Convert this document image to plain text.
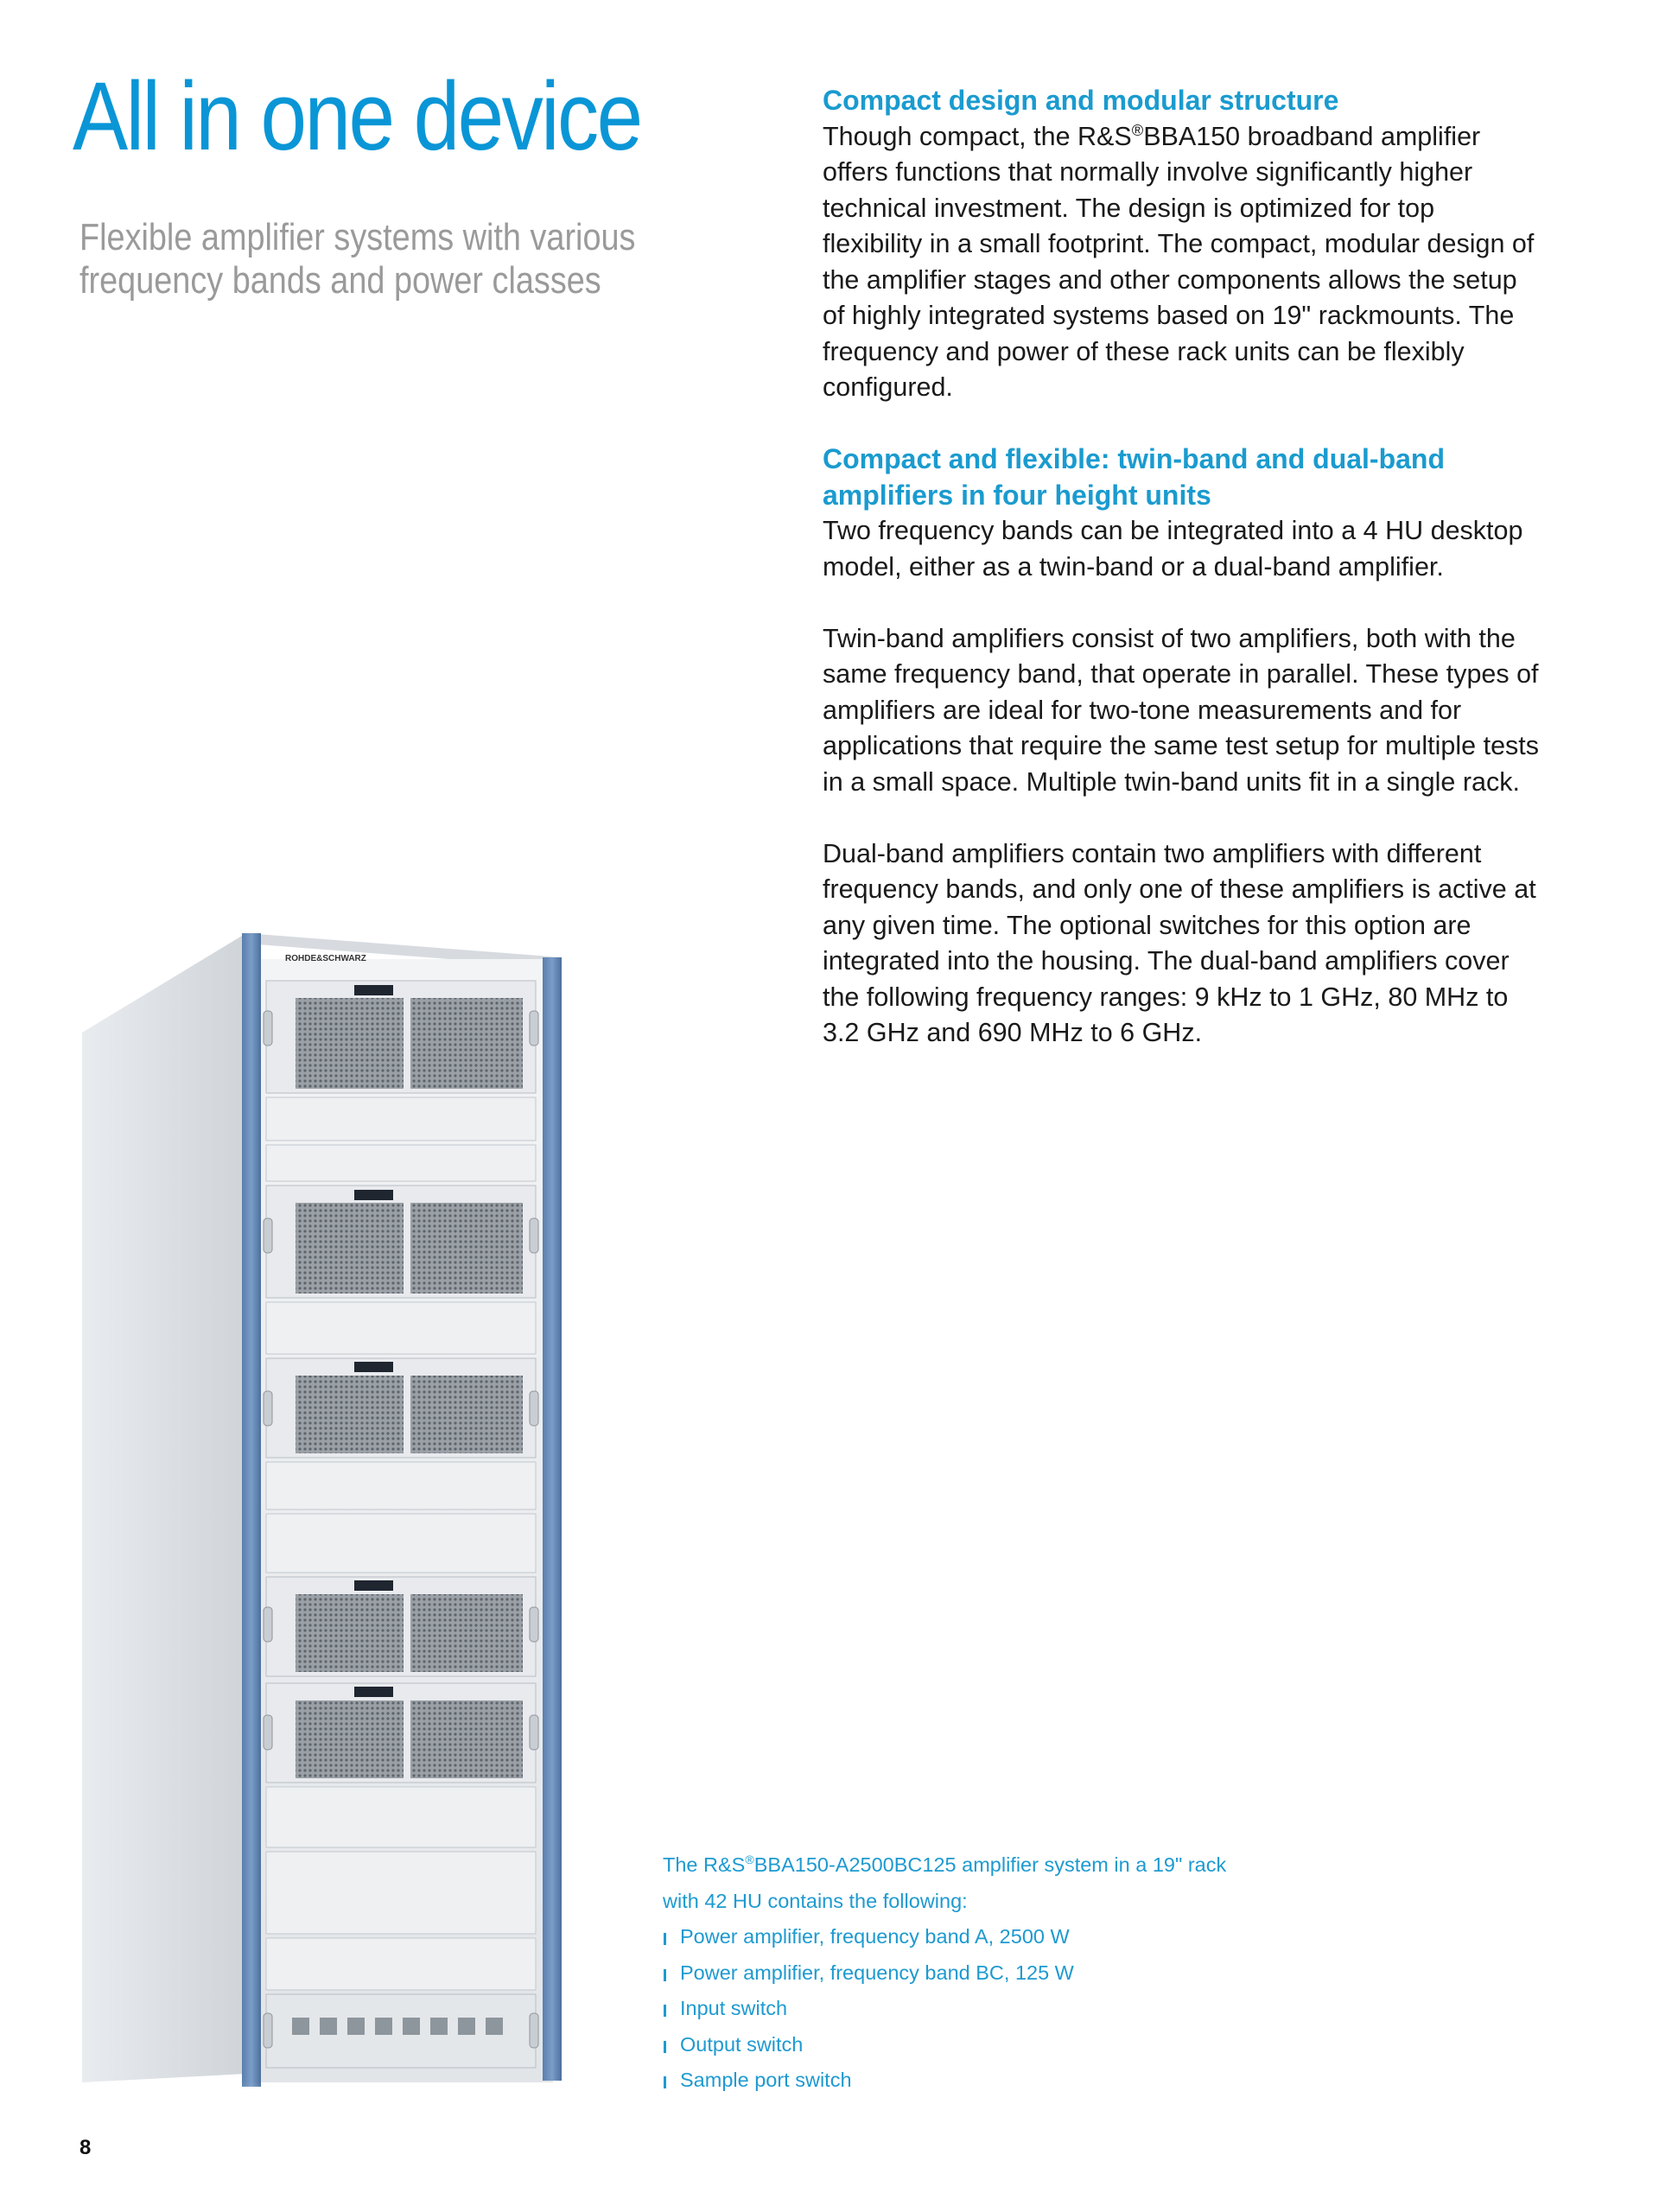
All in one device

Flexible amplifier systems with various frequency bands and power classes

Compact design and modular structure

Though compact, the R&S®BBA150 broadband amplifier offers functions that normally involve significantly higher technical investment. The design is optimized for top flexibility in a small footprint. The compact, modular design of the amplifier stages and other components allows the setup of highly integrated systems based on 19" rackmounts. The frequency and power of these rack units can be flexibly configured.

Compact and flexible: twin-band and dual-band amplifiers in four height units

Two frequency bands can be integrated into a 4 HU desktop model, either as a twin-band or a dual-band amplifier.

Twin-band amplifiers consist of two amplifiers, both with the same frequency band, that operate in parallel. These types of amplifiers are ideal for two-tone measurements and for applications that require the same test setup for multiple tests in a small space. Multiple twin-band units fit in a single rack.

Dual-band amplifiers contain two amplifiers with different frequency bands, and only one of these amplifiers is active at any given time. The optional switches for this option are integrated into the housing. The dual-band amplifiers cover the following frequency ranges: 9 kHz to 1 GHz, 80 MHz to 3.2 GHz and 690 MHz to 6 GHz.

ROHDE&SCHWARZ
The R&S®BBA150-A2500BC125 amplifier system in a 19" rack with 42 HU contains the following:
Power amplifier, frequency band A, 2500 W
Power amplifier, frequency band BC, 125 W
Input switch
Output switch
Sample port switch
8
